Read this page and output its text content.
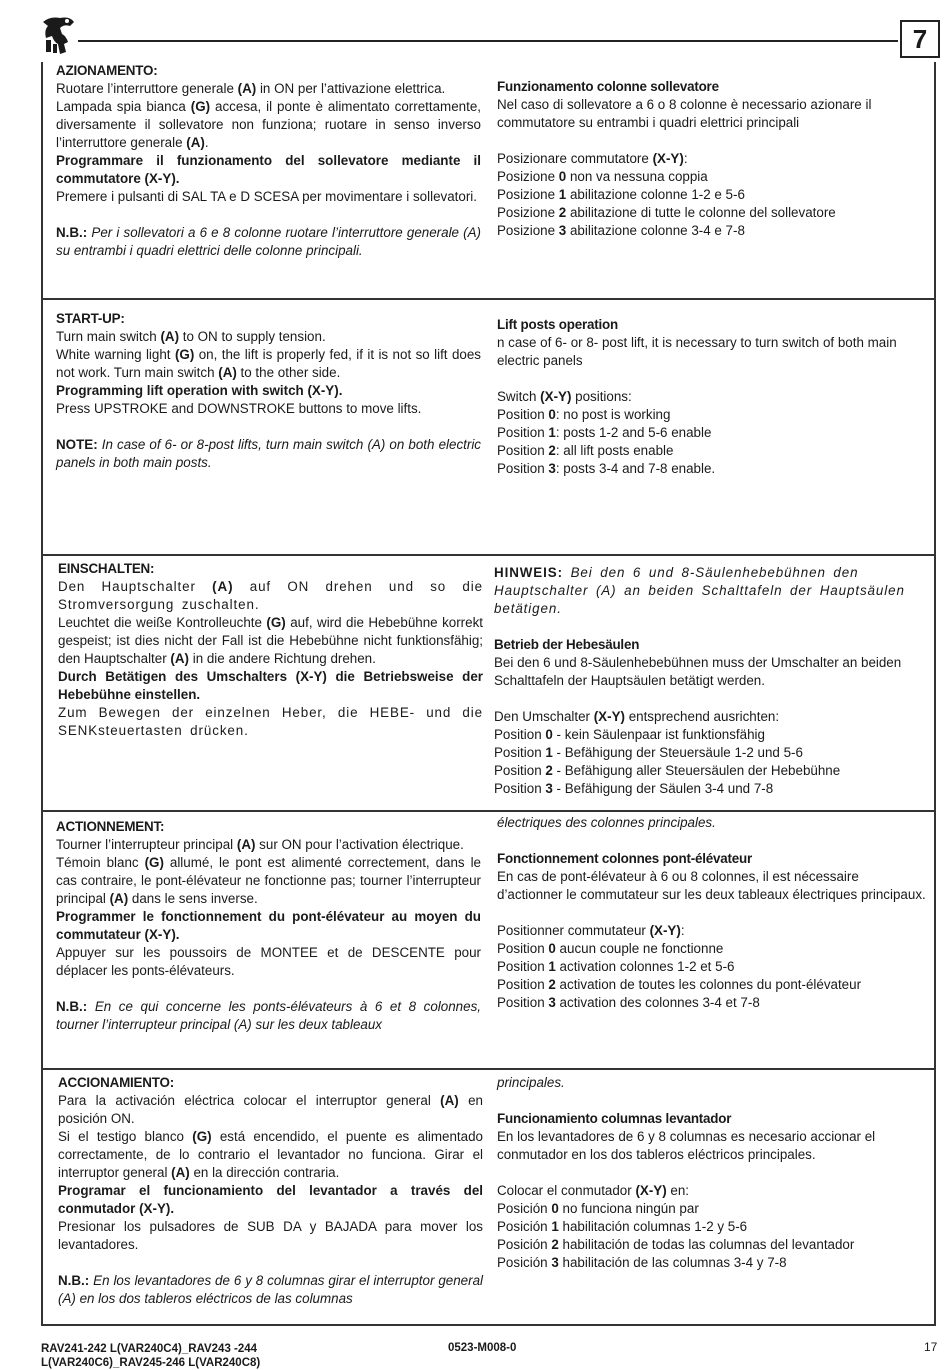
7
AZIONAMENTO:
Ruotare l’interruttore generale (A) in ON per l’attivazione elettrica.
Lampada spia bianca (G) accesa, il ponte è alimentato correttamente, diversamente il sollevatore non funziona; ruotare in senso inverso l’interruttore generale (A).
Programmare il funzionamento del sollevatore mediante il commutatore (X-Y).
Premere i pulsanti di SAL TA e D SCESA per movimentare i sollevatori.
N.B.: Per i sollevatori a 6 e 8 colonne ruotare l’interruttore generale (A) su entrambi i quadri elettrici delle colonne principali.
Funzionamento colonne sollevatore
Nel caso di sollevatore a 6 o 8 colonne è necessario azionare il commutatore su entrambi i quadri elettrici principali
Posizionare commutatore (X-Y):
Posizione 0 non va nessuna coppia
Posizione 1 abilitazione colonne 1-2 e 5-6
Posizione 2 abilitazione di tutte le colonne del sollevatore
Posizione 3 abilitazione colonne 3-4 e 7-8
START-UP:
Turn main switch (A) to ON to supply tension.
White warning light (G) on, the lift is properly fed, if it is not so lift does not work. Turn main switch (A) to the other side.
Programming lift operation with switch (X-Y).
Press UPSTROKE and DOWNSTROKE buttons to move lifts.
NOTE: In case of 6- or 8-post lifts, turn main switch (A) on both electric panels in both main posts.
Lift posts operation
n case of 6- or 8- post lift, it is necessary to turn switch of both main electric panels
Switch (X-Y) positions:
Position 0: no post is working
Position 1: posts 1-2 and 5-6 enable
Position 2: all lift posts enable
Position 3: posts 3-4 and 7-8 enable.
EINSCHALTEN:
Den Hauptschalter (A) auf ON drehen und so die Stromversorgung zuschalten.
Leuchtet die weiße Kontrolleuchte (G) auf, wird die Hebebühne korrekt gespeist; ist dies nicht der Fall ist die Hebebühne nicht funktionsfähig; den Hauptschalter (A) in die andere Richtung drehen.
Durch Betätigen des Umschalters (X-Y) die Betriebsweise der Hebebühne einstellen.
Zum Bewegen der einzelnen Heber, die HEBE- und die SENKsteuertasten drücken.
HINWEIS: Bei den 6 und 8-Säulenhebebühnen den Hauptschalter (A) an beiden Schalttafeln der Hauptsäulen betätigen.
Betrieb der Hebesäulen
Bei den 6 und 8-Säulenhebebühnen muss der Umschalter an beiden Schalttafeln der Hauptsäulen betätigt werden.
Den Umschalter (X-Y) entsprechend ausrichten:
Position 0 - kein Säulenpaar ist funktionsfähig
Position 1 - Befähigung der Steuersäule 1-2 und 5-6
Position 2 - Befähigung aller Steuersäulen der Hebebühne
Position 3 - Befähigung der Säulen 3-4 und 7-8
ACTIONNEMENT:
Tourner l’interrupteur principal (A) sur ON pour l’activation électrique.
Témoin blanc (G) allumé, le pont est alimenté correctement, dans le cas contraire, le pont-élévateur ne fonctionne pas; tourner l’interrupteur principal (A) dans le sens inverse.
Programmer le fonctionnement du pont-élévateur au moyen du commutateur (X-Y).
Appuyer sur les poussoirs de MONTEE et de DESCENTE pour déplacer les ponts-élévateurs.
N.B.: En ce qui concerne les ponts-élévateurs à 6 et 8 colonnes, tourner l’interrupteur principal (A) sur les deux tableaux
électriques des colonnes principales.
Fonctionnement colonnes pont-élévateur
En cas de pont-élévateur à 6 ou 8 colonnes, il est nécessaire d’actionner le commutateur sur les deux tableaux électriques principaux.
Positionner commutateur (X-Y):
Position 0 aucun couple ne fonctionne
Position 1 activation colonnes 1-2 et 5-6
Position 2 activation de toutes les colonnes du pont-élévateur
Position 3 activation des colonnes 3-4 et 7-8
ACCIONAMIENTO:
Para la activación eléctrica colocar el interruptor general (A) en posición ON.
Si el testigo blanco (G) está encendido, el puente es alimentado correctamente, de lo contrario el levantador no funciona. Girar el interruptor general (A) en la dirección contraria.
Programar el funcionamiento del levantador a través del conmutador (X-Y).
Presionar los pulsadores de SUB DA y BAJADA para mover los levantadores.
N.B.: En los levantadores de 6 y 8 columnas girar el interruptor general (A) en los dos tableros eléctricos de las columnas
principales.
Funcionamiento columnas levantador
En los levantadores de 6 y 8 columnas es necesario accionar el conmutador en los dos tableros eléctricos principales.
Colocar el conmutador (X-Y) en:
Posición 0 no funciona ningún par
Posición 1 habilitación columnas 1-2 y 5-6
Posición 2 habilitación de todas las columnas del levantador
Posición 3 habilitación de las columnas 3-4 y 7-8
RAV241-242 L(VAR240C4)_RAV243 -244
L(VAR240C6)_RAV245-246 L(VAR240C8)
0523-M008-0	17
